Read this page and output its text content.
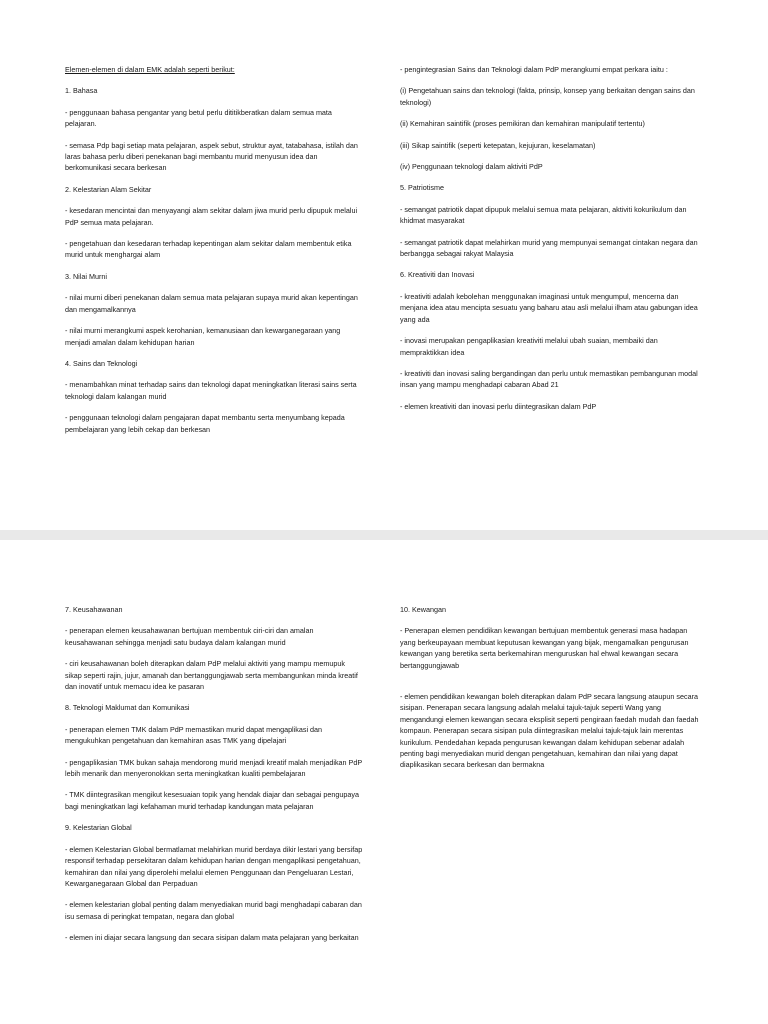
Elemen-elemen di dalam EMK adalah seperti berikut:

1. Bahasa

- penggunaan bahasa pengantar yang betul perlu dititikberatkan dalam semua mata pelajaran.

- semasa Pdp bagi setiap mata pelajaran, aspek sebut, struktur ayat, tatabahasa, istilah dan laras bahasa perlu diberi penekanan bagi membantu murid menyusun idea dan berkomunikasi secara berkesan

2. Kelestarian Alam Sekitar

- kesedaran mencintai dan menyayangi alam sekitar dalam jiwa murid perlu dipupuk melalui PdP semua mata pelajaran.

- pengetahuan dan kesedaran terhadap kepentingan alam sekitar dalam membentuk etika murid untuk menghargai alam

3. Nilai Murni

- nilai murni diberi penekanan dalam semua mata pelajaran supaya murid akan kepentingan dan mengamalkannya

- nilai murni merangkumi aspek kerohanian, kemanusiaan dan kewarganegaraan yang menjadi amalan dalam kehidupan harian

4. Sains dan Teknologi

- menambahkan minat terhadap sains dan teknologi dapat meningkatkan literasi sains serta teknologi dalam kalangan murid

- penggunaan teknologi dalam pengajaran dapat membantu serta menyumbang kepada pembelajaran yang lebih cekap dan berkesan

- pengintegrasian Sains dan Teknologi dalam PdP merangkumi empat perkara iaitu :

(i) Pengetahuan sains dan teknologi (fakta, prinsip, konsep yang berkaitan dengan sains dan teknologi)

(ii) Kemahiran saintifik (proses pemikiran dan kemahiran manipulatif tertentu)

(iii) Sikap saintifik (seperti ketepatan, kejujuran, keselamatan)

(iv) Penggunaan teknologi dalam aktiviti PdP

5. Patriotisme

- semangat patriotik dapat dipupuk melalui semua mata pelajaran, aktiviti kokurikulum dan khidmat masyarakat

- semangat patriotik dapat melahirkan murid yang mempunyai semangat cintakan negara dan berbangga sebagai rakyat Malaysia

6. Kreativiti dan Inovasi

- kreativiti adalah kebolehan menggunakan imaginasi untuk mengumpul, mencerna dan menjana idea atau mencipta sesuatu yang baharu atau asli melalui ilham atau gabungan idea yang ada

- inovasi merupakan pengaplikasian kreativiti melalui ubah suaian, membaiki dan mempraktikkan idea

- kreativiti dan inovasi saling bergandingan dan perlu untuk memastikan pembangunan modal insan yang mampu menghadapi cabaran Abad 21

- elemen kreativiti dan inovasi perlu diintegrasikan dalam PdP

7. Keusahawanan

- penerapan elemen keusahawanan bertujuan membentuk ciri-ciri dan amalan keusahawanan sehingga menjadi satu budaya dalam kalangan murid

- ciri keusahawanan boleh diterapkan dalam PdP melalui aktiviti yang mampu memupuk sikap seperti rajin, jujur, amanah dan bertanggungjawab serta membangunkan minda kreatif dan inovatif untuk memacu idea ke pasaran

8. Teknologi Maklumat dan Komunikasi

- penerapan elemen TMK dalam PdP memastikan murid dapat mengaplikasi dan mengukuhkan pengetahuan dan kemahiran asas TMK yang dipelajari

- pengaplikasian TMK bukan sahaja mendorong murid menjadi kreatif malah menjadikan PdP lebih menarik dan menyeronokkan serta meningkatkan kualiti pembelajaran

- TMK diintegrasikan mengikut kesesuaian topik yang hendak diajar dan sebagai pengupaya bagi meningkatkan lagi kefahaman murid terhadap kandungan mata pelajaran

9. Kelestarian Global

- elemen Kelestarian Global bermatlamat melahirkan murid berdaya dikir lestari yang bersifap responsif terhadap persekitaran dalam kehidupan harian dengan mengaplikasi pengetahuan, kemahiran dan nilai yang diperolehi melalui elemen Penggunaan dan Pengeluaran Lestari, Kewarganegaraan Global dan Perpaduan

- elemen kelestarian global penting dalam menyediakan murid bagi menghadapi cabaran dan isu semasa di peringkat tempatan, negara dan global

- elemen ini diajar secara langsung dan secara sisipan dalam mata pelajaran yang berkaitan

10. Kewangan

- Penerapan elemen pendidikan kewangan bertujuan membentuk generasi masa hadapan yang berkeupayaan membuat keputusan kewangan yang bijak, mengamalkan pengurusan kewangan yang beretika serta berkemahiran menguruskan hal ehwal kewangan secara bertanggungjawab

- elemen pendidikan kewangan boleh diterapkan dalam PdP secara langsung ataupun secara sisipan. Penerapan secara langsung adalah melalui tajuk-tajuk seperti Wang yang mengandungi elemen kewangan secara eksplisit seperti pengiraan faedah mudah dan faedah kompaun. Penerapan secara sisipan pula diintegrasikan melalui tajuk-tajuk lain merentas kurikulum. Pendedahan kepada pengurusan kewangan dalam kehidupan sebenar adalah penting bagi menyediakan murid dengan pengetahuan, kemahiran dan nilai yang dapat diaplikasikan secara berkesan dan bermakna
